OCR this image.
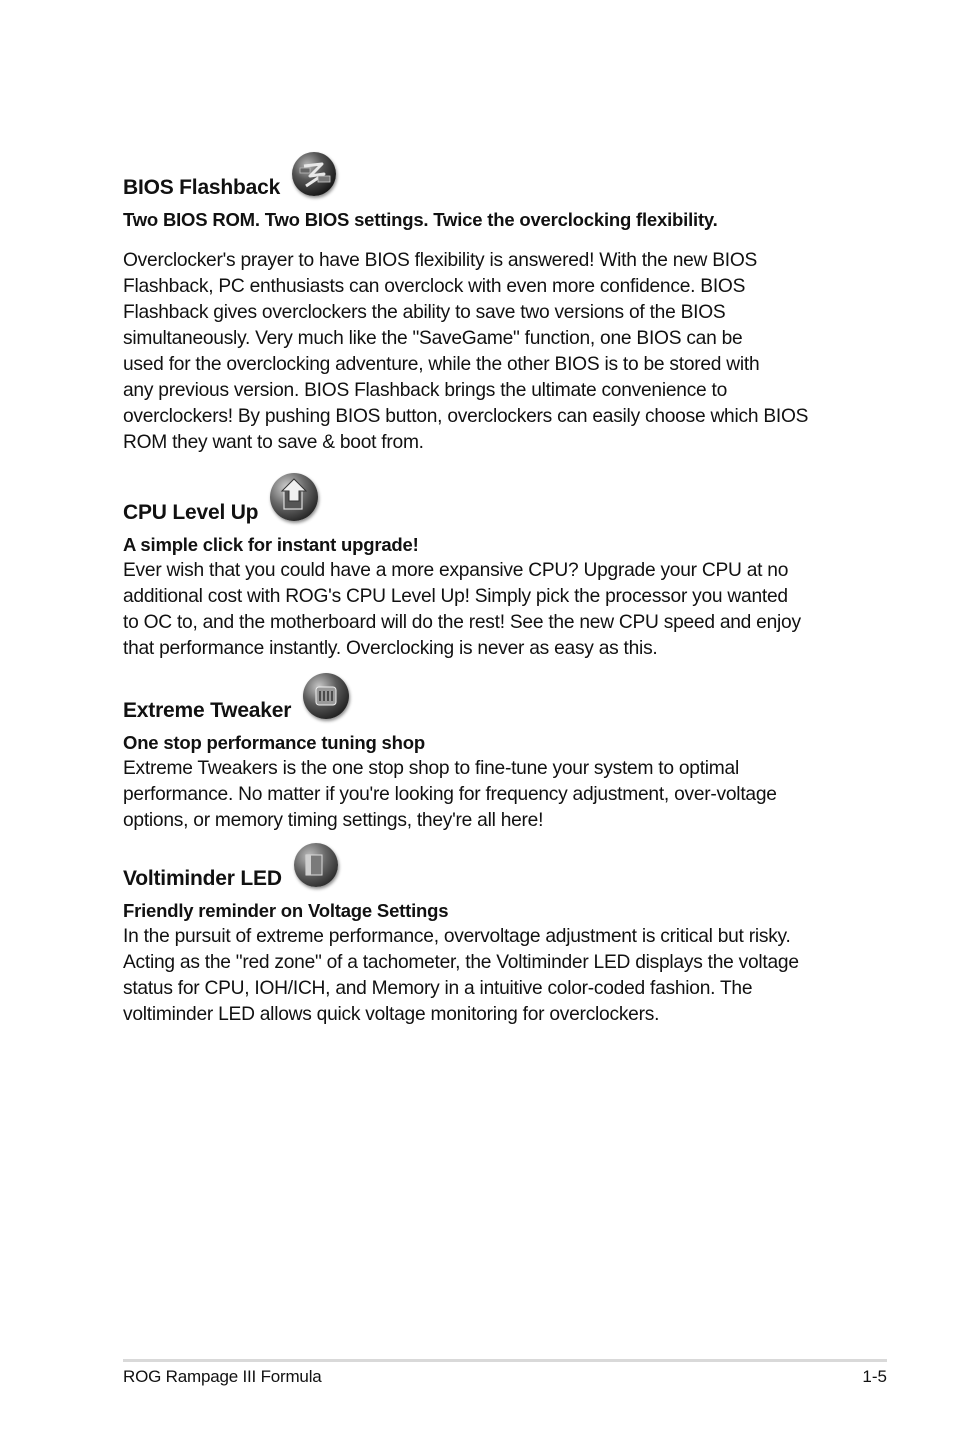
BIOS Flashback

Two BIOS ROM. Two BIOS settings. Twice the overclocking flexibility.

Overclocker's prayer to have BIOS flexibility is answered! With the new BIOS

Flashback, PC enthusiasts can overclock with even more confidence. BIOS

Flashback gives overclockers the ability to save two versions of the BIOS

simultaneously. Very much like the "SaveGame" function, one BIOS can be

used for the overclocking adventure, while the other BIOS is to be stored with

any previous version. BIOS Flashback brings the ultimate convenience to

overclockers! By pushing BIOS button, overclockers can easily choose which BIOS

ROM they want to save & boot from.

CPU Level Up

A simple click for instant upgrade!

Ever wish that you could have a more expansive CPU? Upgrade your CPU at no

additional cost with ROG's CPU Level Up! Simply pick the processor you wanted

to OC to, and the motherboard will do the rest! See the new CPU speed and enjoy

that performance instantly. Overclocking is never as easy as this.

Extreme Tweaker

One stop performance tuning shop

Extreme Tweakers is the one stop shop to fine-tune your system to optimal

performance. No matter if you're looking for frequency adjustment, over-voltage

options, or memory timing settings, they're all here!

Voltiminder LED

Friendly reminder on Voltage Settings

In the pursuit of extreme performance, overvoltage adjustment is critical but risky.

Acting as the "red zone" of a tachometer, the Voltiminder LED displays the voltage

status for CPU, IOH/ICH, and Memory in a intuitive color-coded fashion. The

voltiminder LED allows quick voltage monitoring for overclockers.

ROG Rampage III Formula	1-5
